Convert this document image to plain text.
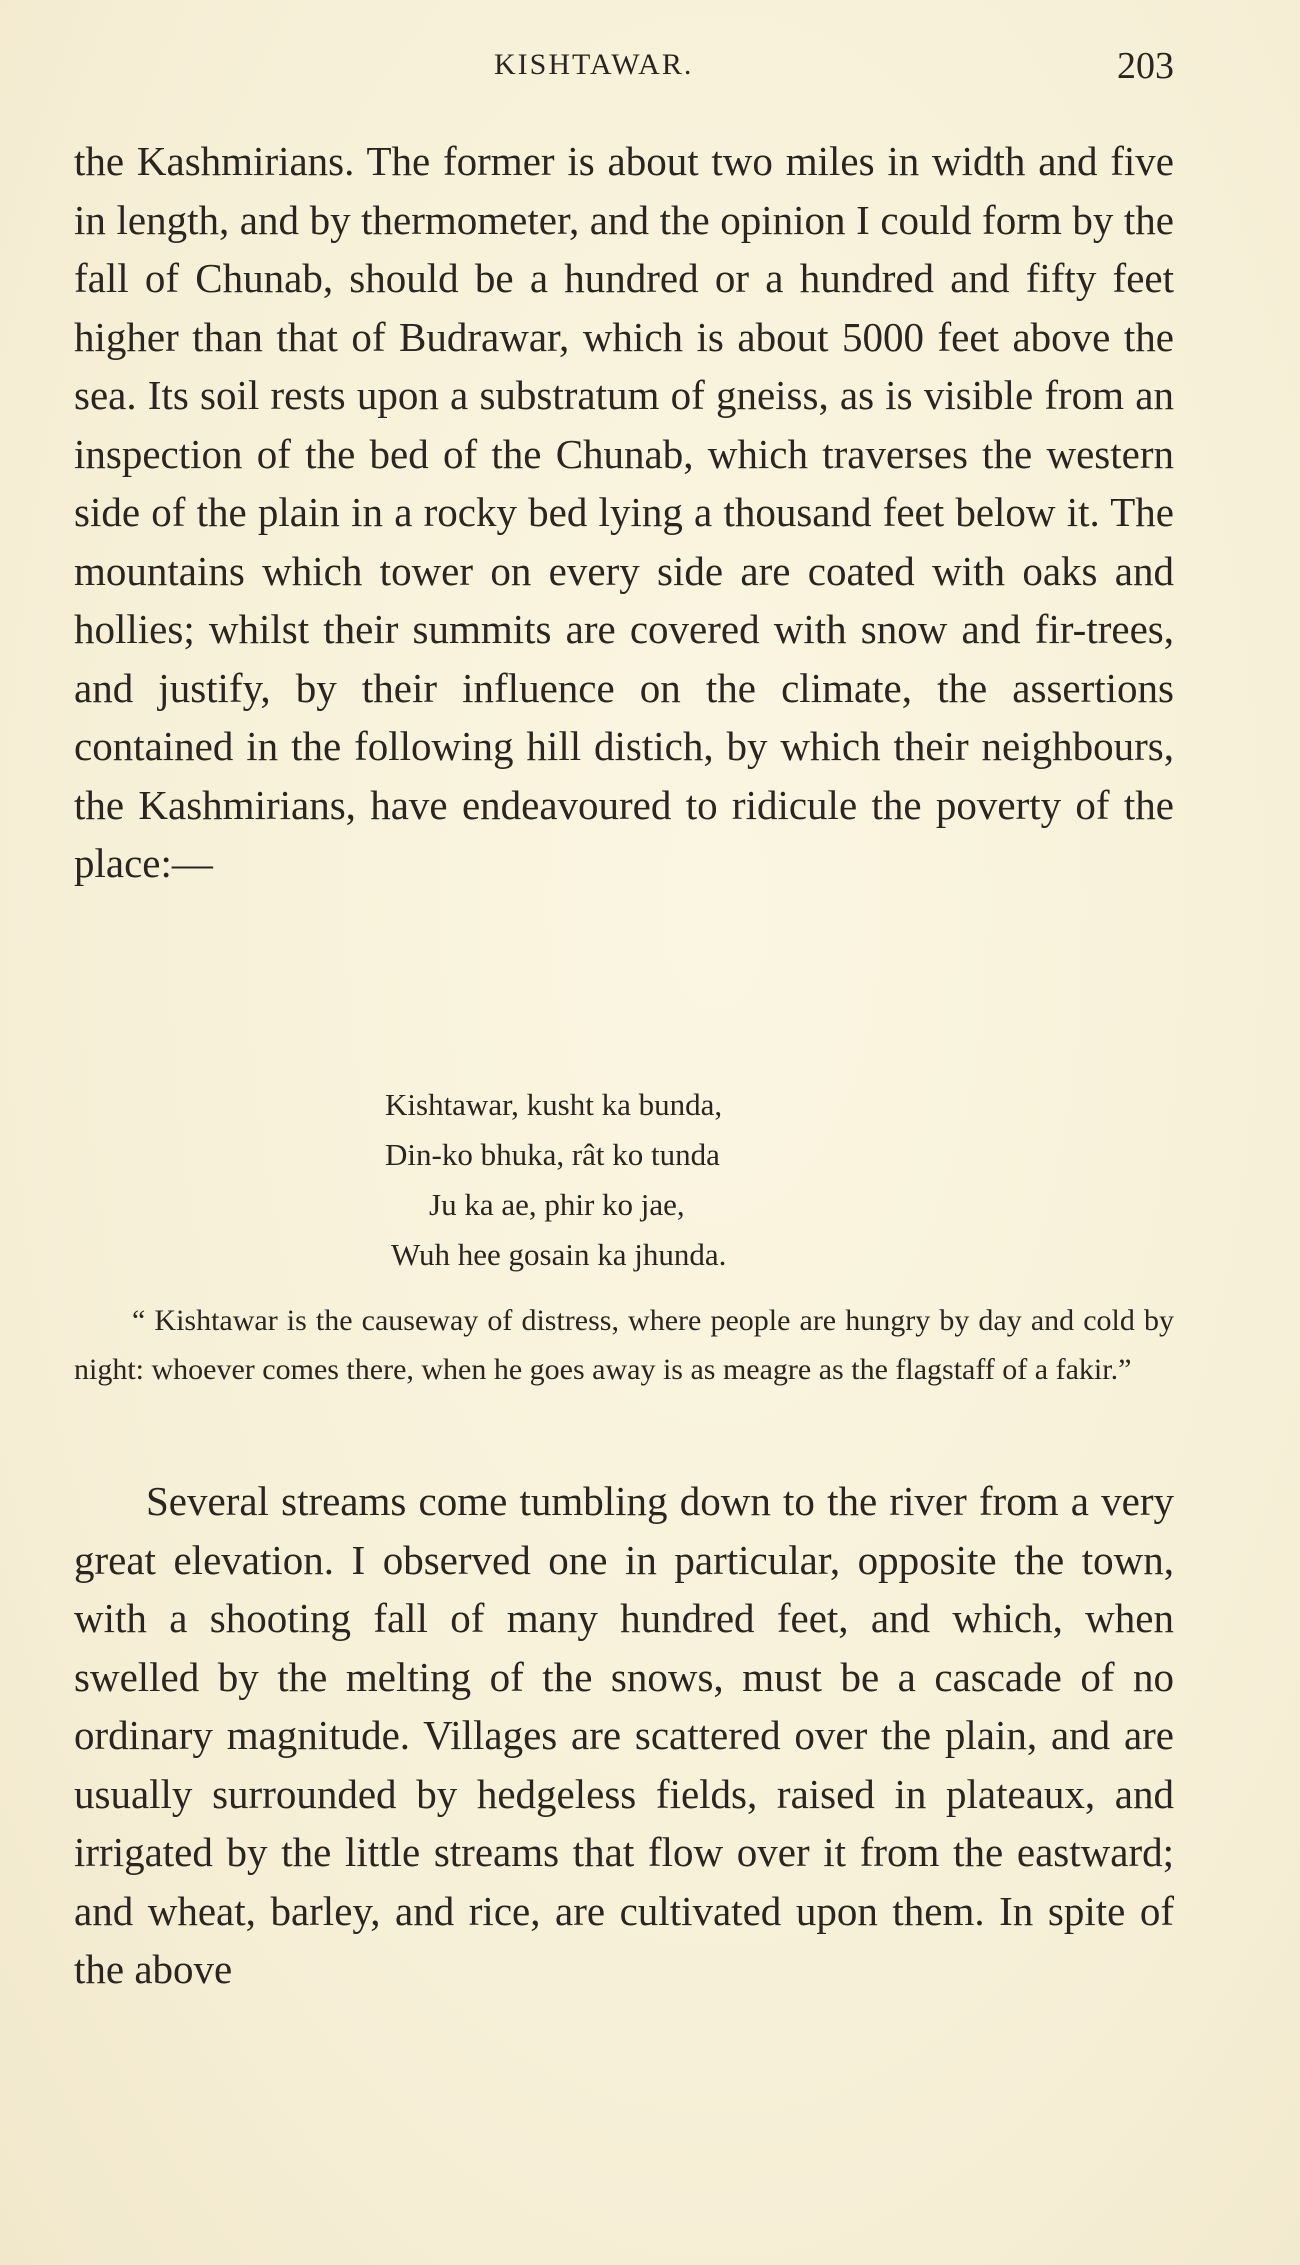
KISHTAWAR.	203

the Kashmirians. The former is about two miles in width and five in length, and by thermometer, and the opinion I could form by the fall of Chunab, should be a hundred or a hundred and fifty feet higher than that of Budrawar, which is about 5000 feet above the sea. Its soil rests upon a substratum of gneiss, as is visible from an inspection of the bed of the Chunab, which traverses the western side of the plain in a rocky bed lying a thousand feet below it. The mountains which tower on every side are coated with oaks and hollies; whilst their summits are covered with snow and fir-trees, and justify, by their influence on the climate, the assertions contained in the following hill distich, by which their neighbours, the Kashmirians, have endeavoured to ridicule the poverty of the place:—

Kishtawar, kusht ka bunda,
Din-ko bhuka, rât ko tunda
Ju ka ae, phir ko jae,
Wuh hee gosain ka jhunda.

“ Kishtawar is the causeway of distress, where people are hungry by day and cold by night: whoever comes there, when he goes away is as meagre as the flagstaff of a fakir.”

Several streams come tumbling down to the river from a very great elevation. I observed one in particular, opposite the town, with a shooting fall of many hundred feet, and which, when swelled by the melting of the snows, must be a cascade of no ordinary magnitude. Villages are scattered over the plain, and are usually surrounded by hedgeless fields, raised in plateaux, and irrigated by the little streams that flow over it from the eastward; and wheat, barley, and rice, are cultivated upon them. In spite of the above
